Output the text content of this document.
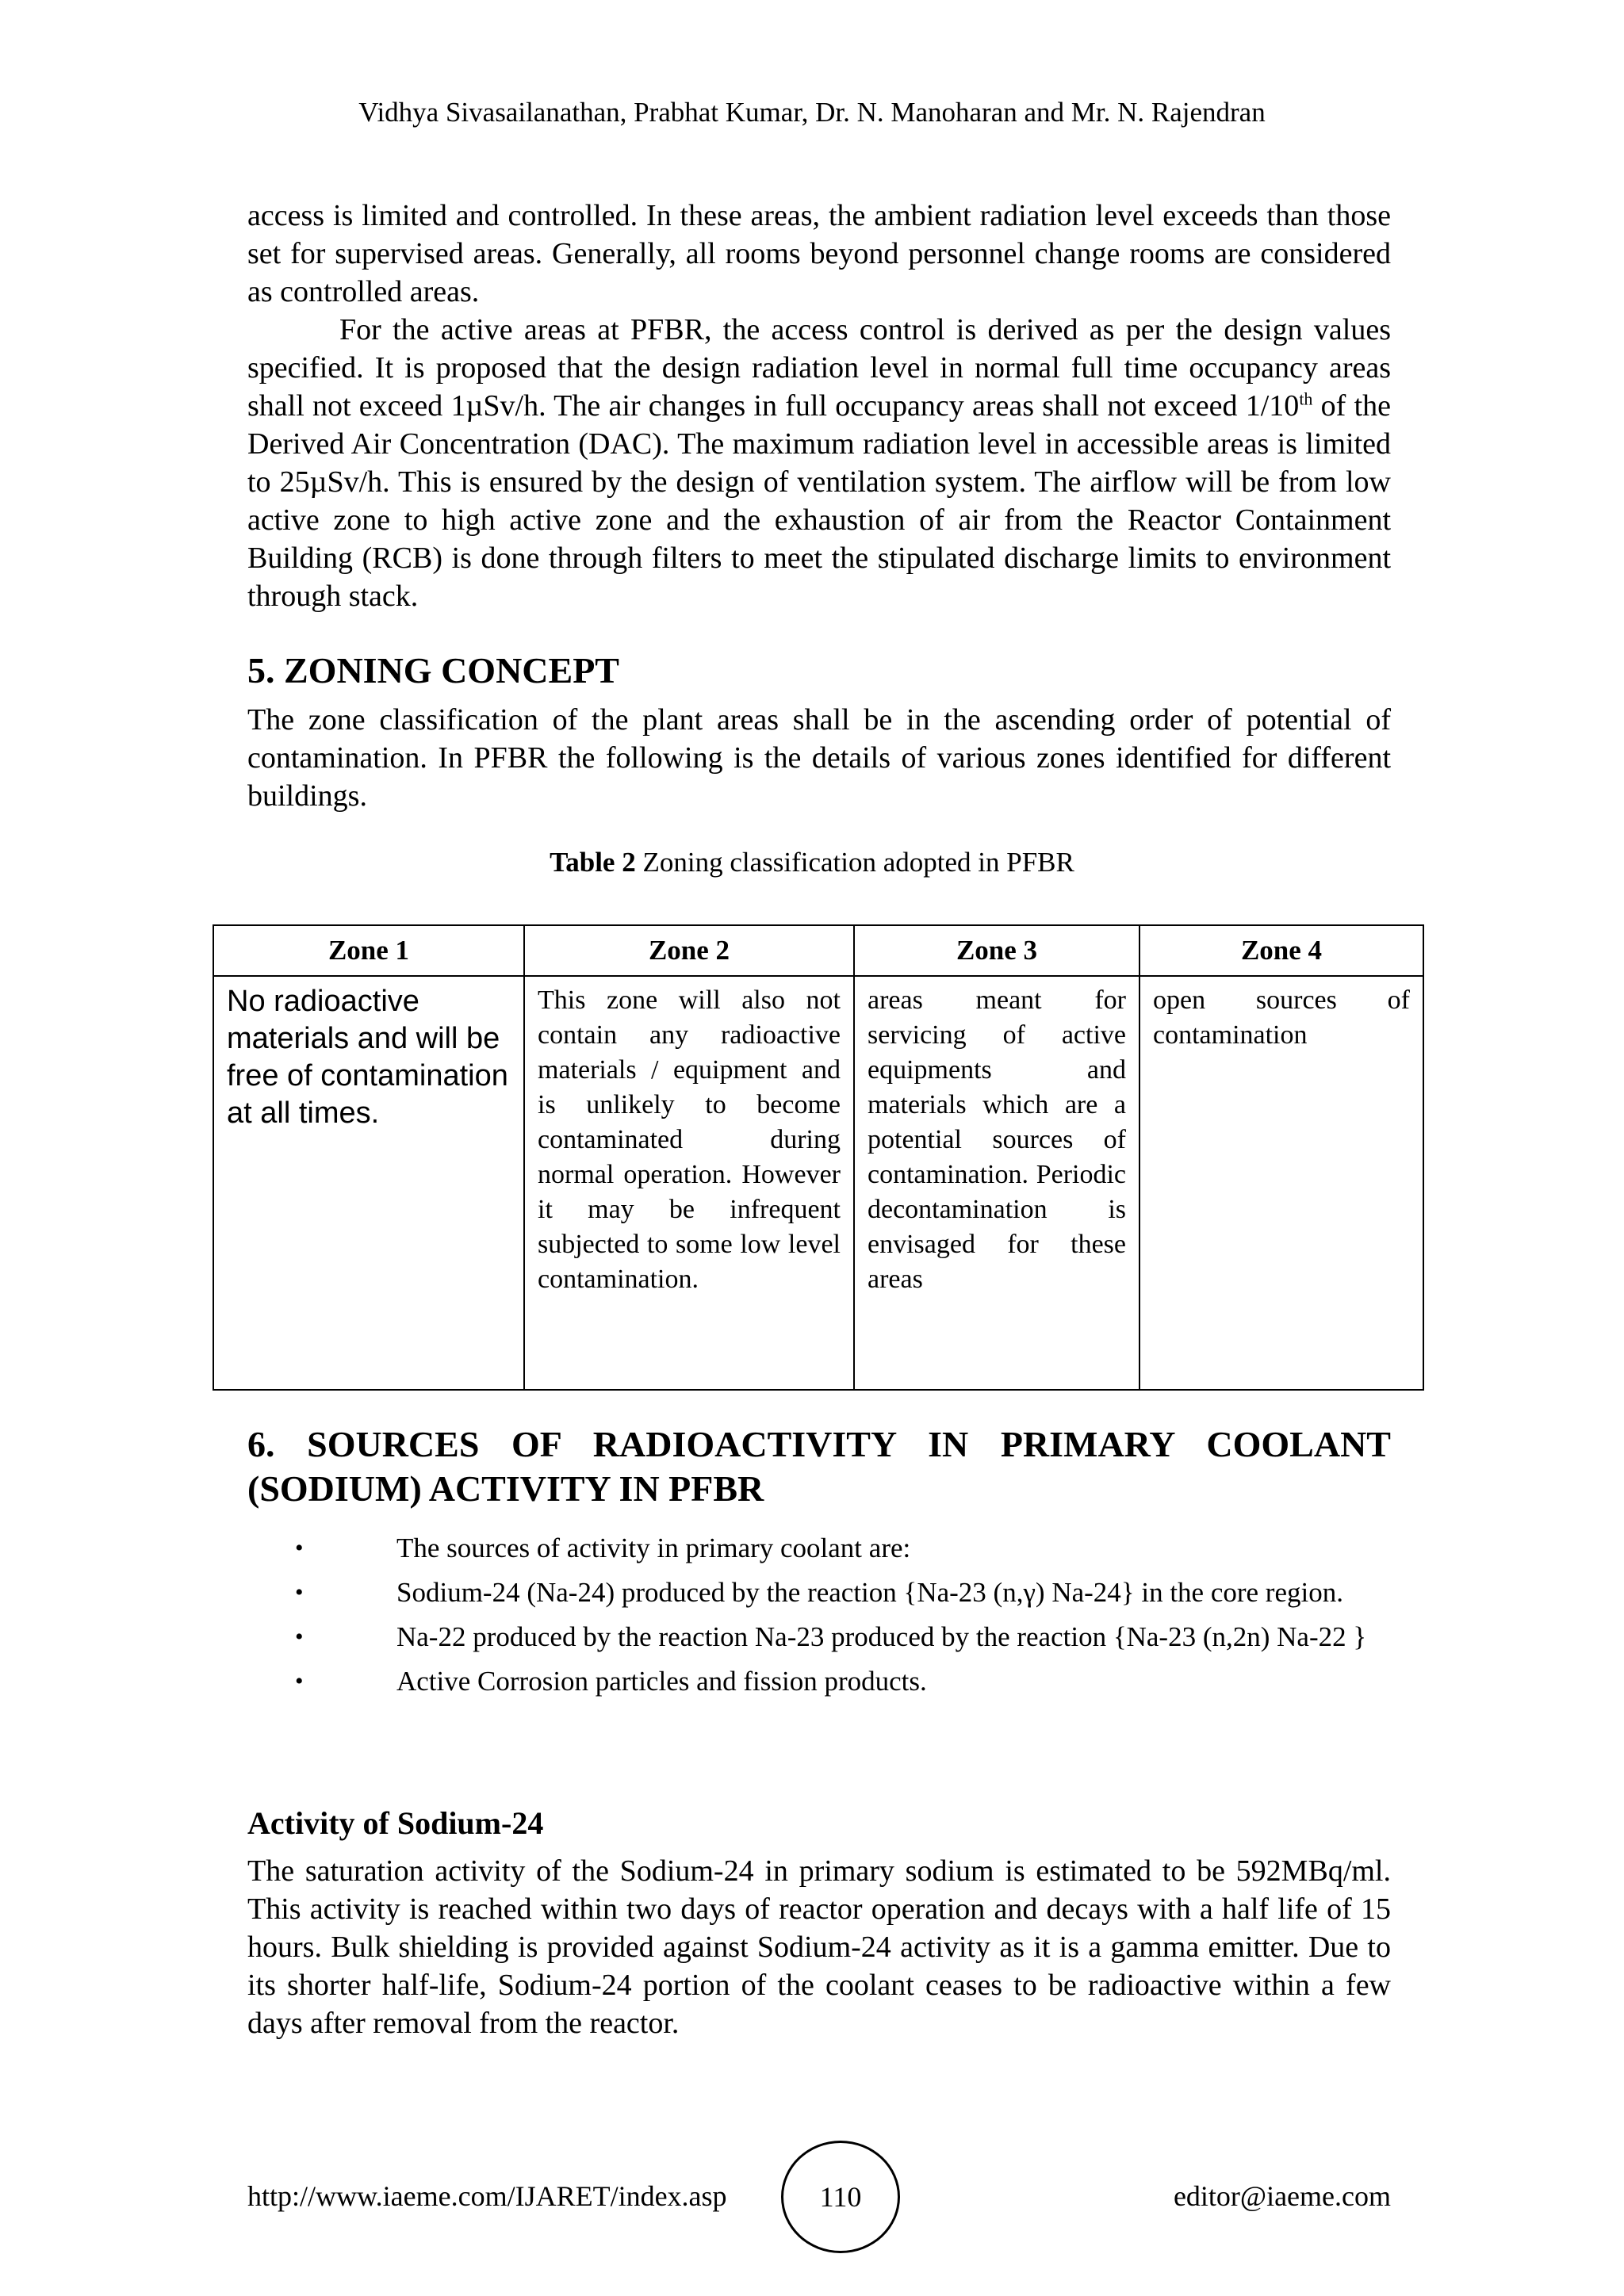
Vidhya Sivasailanathan, Prabhat Kumar, Dr. N. Manoharan and Mr. N. Rajendran

access is limited and controlled. In these areas, the ambient radiation level exceeds than those set for supervised areas. Generally, all rooms beyond personnel change rooms are considered as controlled areas.

For the active areas at PFBR, the access control is derived as per the design values specified. It is proposed that the design radiation level in normal full time occupancy areas shall not exceed 1µSv/h. The air changes in full occupancy areas shall not exceed 1/10th of the Derived Air Concentration (DAC). The maximum radiation level in accessible areas is limited to 25µSv/h. This is ensured by the design of ventilation system. The airflow will be from low active zone to high active zone and the exhaustion of air from the Reactor Containment Building (RCB) is done through filters to meet the stipulated discharge limits to environment through stack.

5. ZONING CONCEPT
The zone classification of the plant areas shall be in the ascending order of potential of contamination. In PFBR the following is the details of various zones identified for different buildings.
Table 2 Zoning classification adopted in PFBR
Zone 1	Zone 2	Zone 3	Zone 4
No radioactive materials and will be free of contamination at all times.	This zone will also not contain any radioactive materials / equipment and is unlikely to become contaminated during normal operation. However it may be infrequent subjected to some low level contamination.	areas meant for servicing of active equipments and materials which are a potential sources of contamination. Periodic decontamination is envisaged for these areas	open sources of contamination
6. SOURCES OF RADIOACTIVITY IN PRIMARY COOLANT (SODIUM) ACTIVITY IN PFBR
•	The sources of activity in primary coolant are:
•	Sodium-24 (Na-24) produced by the reaction {Na-23 (n,γ) Na-24} in the core region.
•	Na-22 produced by the reaction Na-23 produced by the reaction {Na-23 (n,2n) Na-22 }
•	Active Corrosion particles and fission products.
Activity of Sodium-24
The saturation activity of the Sodium-24 in primary sodium is estimated to be 592MBq/ml. This activity is reached within two days of reactor operation and decays with a half life of 15 hours. Bulk shielding is provided against Sodium-24 activity as it is a gamma emitter. Due to its shorter half-life, Sodium-24 portion of the coolant ceases to be radioactive within a few days after removal from the reactor.
http://www.iaeme.com/IJARET/index.asp	110	editor@iaeme.com
